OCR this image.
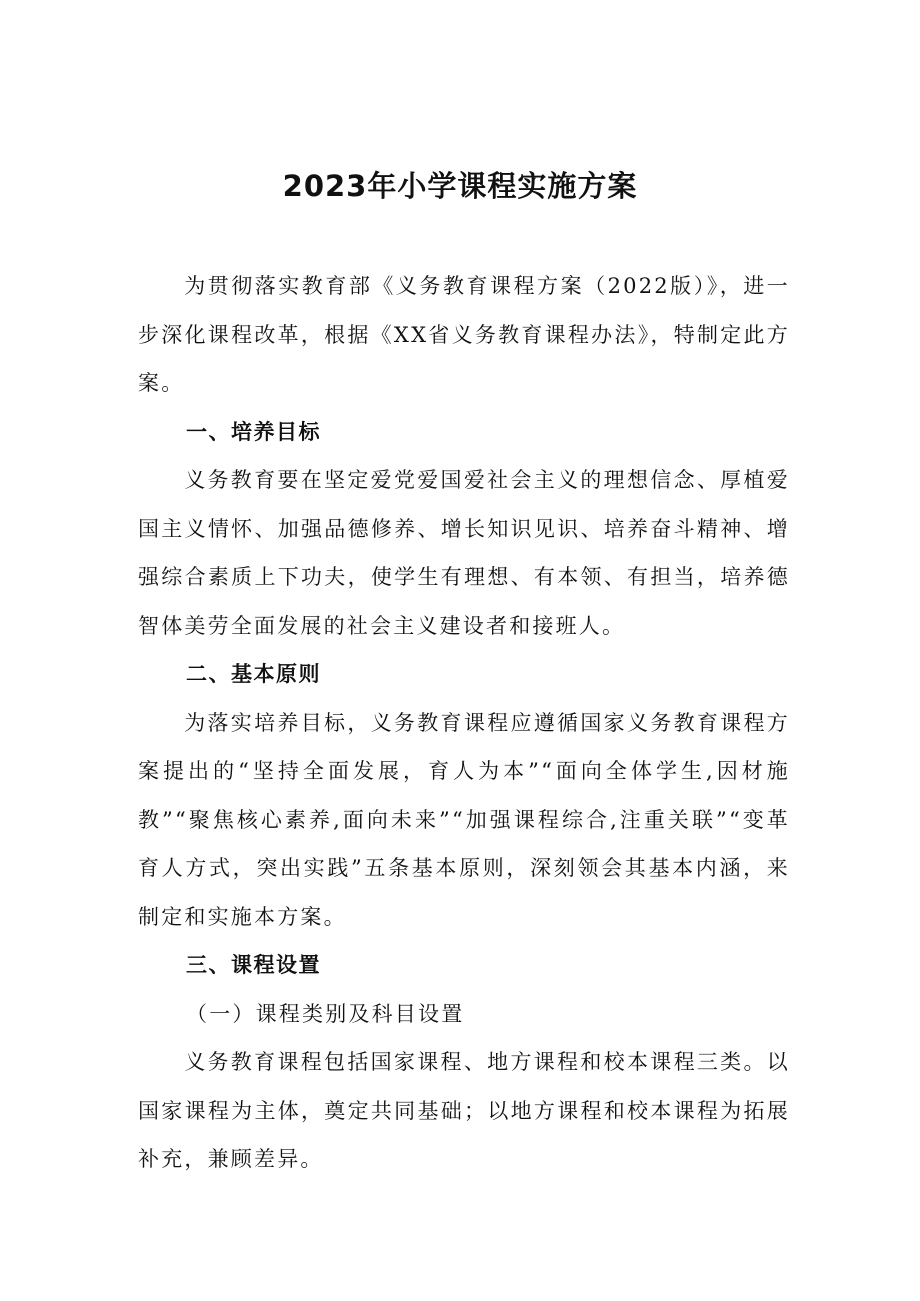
2023年小学课程实施方案

为贯彻落实教育部《义务教育课程方案（2022版）》，进一步深化课程改革，根据《XX省义务教育课程办法》，特制定此方案。

一、培养目标

义务教育要在坚定爱党爱国爱社会主义的理想信念、厚植爱国主义情怀、加强品德修养、增长知识见识、培养奋斗精神、增强综合素质上下功夫，使学生有理想、有本领、有担当，培养德智体美劳全面发展的社会主义建设者和接班人。

二、基本原则

为落实培养目标，义务教育课程应遵循国家义务教育课程方案提出的“坚持全面发展，育人为本”“面向全体学生,因材施教”“聚焦核心素养,面向未来”“加强课程综合,注重关联”“变革育人方式，突出实践”五条基本原则，深刻领会其基本内涵，来制定和实施本方案。

三、课程设置

（一）课程类别及科目设置

义务教育课程包括国家课程、地方课程和校本课程三类。以国家课程为主体，奠定共同基础；以地方课程和校本课程为拓展补充，兼顾差异。
